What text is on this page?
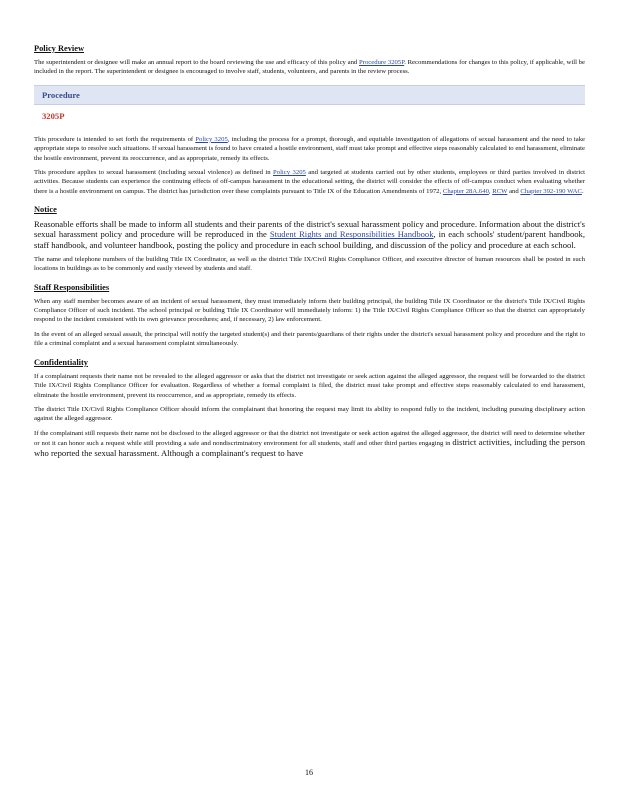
Policy Review

The superintendent or designee will make an annual report to the board reviewing the use and efficacy of this policy and Procedure 3205P. Recommendations for changes to this policy, if applicable, will be included in the report. The superintendent or designee is encouraged to involve staff, students, volunteers, and parents in the review process.

Procedure
3205P

This procedure is intended to set forth the requirements of Policy 3205, including the process for a prompt, thorough, and equitable investigation of allegations of sexual harassment and the need to take appropriate steps to resolve such situations. If sexual harassment is found to have created a hostile environment, staff must take prompt and effective steps reasonably calculated to end harassment, eliminate the hostile environment, prevent its reoccurrence, and as appropriate, remedy its effects.

This procedure applies to sexual harassment (including sexual violence) as defined in Policy 3205 and targeted at students carried out by other students, employees or third parties involved in district activities. Because students can experience the continuing effects of off-campus harassment in the educational setting, the district will consider the effects of off-campus conduct when evaluating whether there is a hostile environment on campus. The district has jurisdiction over these complaints pursuant to Title IX of the Education Amendments of 1972, Chapter 28A.640, RCW and Chapter 392-190 WAC.

Notice

Reasonable efforts shall be made to inform all students and their parents of the district's sexual harassment policy and procedure. Information about the district's sexual harassment policy and procedure will be reproduced in the Student Rights and Responsibilities Handbook, in each schools' student/parent handbook, staff handbook, and volunteer handbook, posting the policy and procedure in each school building, and discussion of the policy and procedure at each school.

The name and telephone numbers of the building Title IX Coordinator, as well as the district Title IX/Civil Rights Compliance Officer, and executive director of human resources shall be posted in such locations in buildings as to be commonly and easily viewed by students and staff.

Staff Responsibilities

When any staff member becomes aware of an incident of sexual harassment, they must immediately inform their building principal, the building Title IX Coordinator or the district's Title IX/Civil Rights Compliance Officer of such incident. The school principal or building Title IX Coordinator will immediately inform: 1) the Title IX/Civil Rights Compliance Officer so that the district can appropriately respond to the incident consistent with its own grievance procedures; and, if necessary, 2) law enforcement.

In the event of an alleged sexual assault, the principal will notify the targeted student(s) and their parents/guardians of their rights under the district's sexual harassment policy and procedure and the right to file a criminal complaint and a sexual harassment complaint simultaneously.

Confidentiality

If a complainant requests their name not be revealed to the alleged aggressor or asks that the district not investigate or seek action against the alleged aggressor, the request will be forwarded to the district Title IX/Civil Rights Compliance Officer for evaluation. Regardless of whether a formal complaint is filed, the district must take prompt and effective steps reasonably calculated to end harassment, eliminate the hostile environment, prevent its reoccurrence, and as appropriate, remedy its effects.

The district Title IX/Civil Rights Compliance Officer should inform the complainant that honoring the request may limit its ability to respond fully to the incident, including pursuing disciplinary action against the alleged aggressor.

If the complainant still requests their name not be disclosed to the alleged aggressor or that the district not investigate or seek action against the alleged aggressor, the district will need to determine whether or not it can honor such a request while still providing a safe and nondiscriminatory environment for all students, staff and other third parties engaging in district activities, including the person who reported the sexual harassment. Although a complainant's request to have

16
